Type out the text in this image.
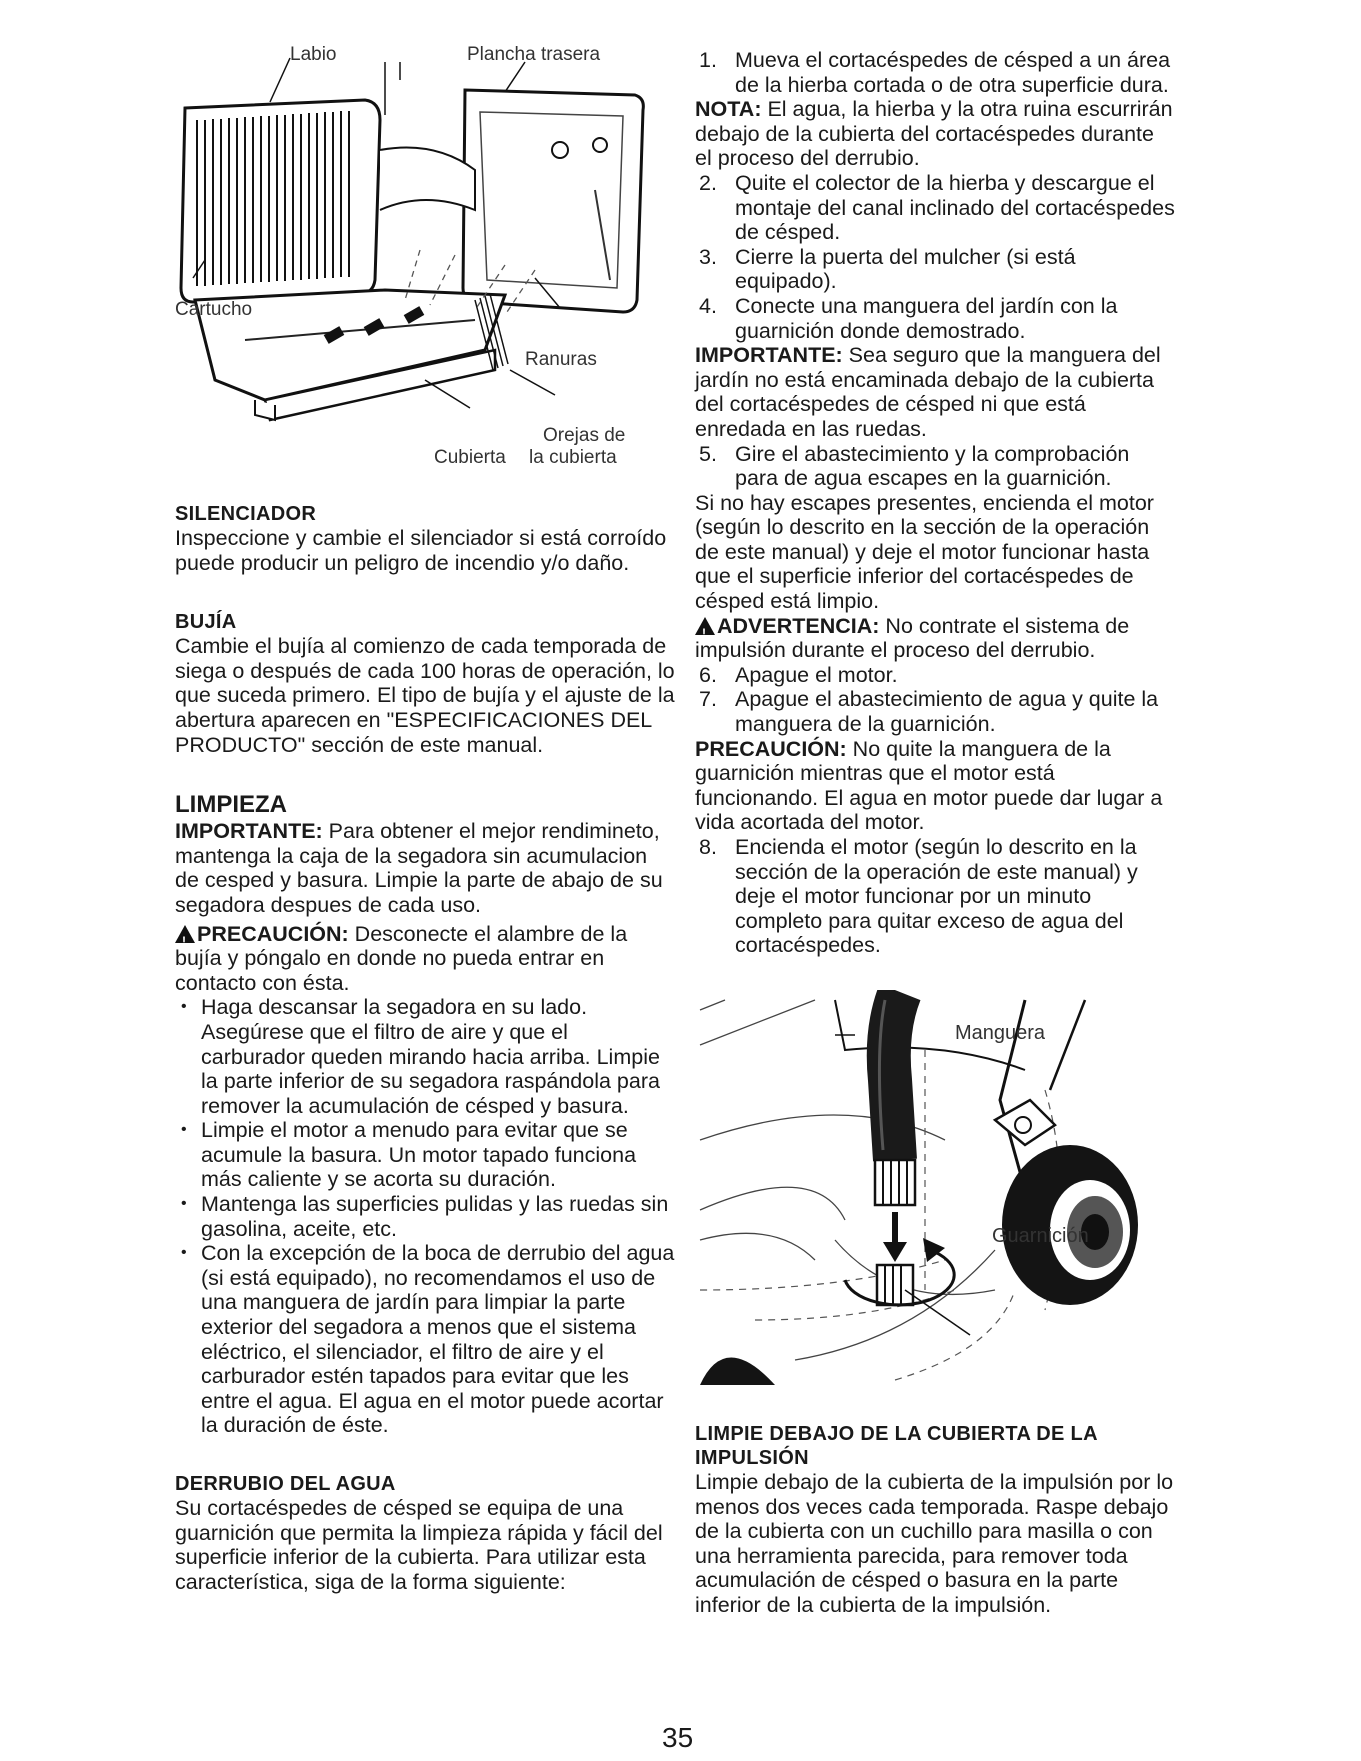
Labio	Plancha trasera
Cartucho
Ranuras
Orejas de
la cubierta
Cubierta
SILENCIADOR

Inspeccione y cambie el silenciador si está corroído puede producir un peligro de incendio y/o daño.

BUJÍA

Cambie el bujía al comienzo de cada temporada de siega o después de cada 100 horas de operación, lo que suceda primero. El tipo de bujía y el ajuste de la abertura aparecen en "ESPECIFICACIONES DEL PRODUCTO" sección de este manual.

LIMPIEZA

IMPORTANTE: Para obtener el mejor rendimineto, mantenga la caja de la segadora sin acumulacion de cesped y basura. Limpie la parte de abajo de su segadora despues de cada uso.

!PRECAUCIÓN: Desconecte el alambre de la bujía y póngalo en donde no pueda entrar en contacto con ésta.

• Haga descansar la segadora en su lado. Asegúrese que el filtro de aire y que el carburador queden mirando hacia arriba. Limpie la parte inferior de su segadora raspándola para remover la acumulación de césped y basura.
• Limpie el motor a menudo para evitar que se acumule la basura. Un motor tapado funciona más caliente y se acorta su duración.
• Mantenga las superficies pulidas y las ruedas sin gasolina, aceite, etc.
• Con la excepción de la boca de derrubio del agua (si está equipado), no recomendamos el uso de una manguera de jardín para limpiar la parte exterior del segadora a menos que el sistema eléctrico, el silenciador, el filtro de aire y el carburador estén tapados para evitar que les entre el agua. El agua en el motor puede acortar la duración de éste.
DERRUBIO DEL AGUA

Su cortacéspedes de césped se equipa de una guarnición que permita la limpieza rápida y fácil del superficie inferior de la cubierta. Para utilizar esta característica, siga de la forma siguiente:

1. Mueva el cortacéspedes de césped a un área de la hierba cortada o de otra superficie dura.

NOTA: El agua, la hierba y la otra ruina escurrirán debajo de la cubierta del cortacéspedes durante el proceso del derrubio.

2. Quite el colector de la hierba y descargue el montaje del canal inclinado del cortacéspedes de césped.
3. Cierre la puerta del mulcher (si está equipado).
4. Conecte una manguera del jardín con la guarnición donde demostrado.

IMPORTANTE: Sea seguro que la manguera del jardín no está encaminada debajo de la cubierta del cortacéspedes de césped ni que está enredada en las ruedas.

5. Gire el abastecimiento y la comprobación para de agua escapes en la guarnición.

Si no hay escapes presentes, encienda el motor (según lo descrito en la sección de la operación de este manual) y deje el motor funcionar hasta que el superficie inferior del cortacéspedes de césped está limpio.

!ADVERTENCIA: No contrate el sistema de impulsión durante el proceso del derrubio.

6. Apague el motor.
7. Apague el abastecimiento de agua y quite la manguera de la guarnición.

PRECAUCIÓN: No quite la manguera de la guarnición mientras que el motor está funcionando. El agua en motor puede dar lugar a vida acortada del motor.

8. Encienda el motor (según lo descrito en la sección de la operación de este manual) y deje el motor funcionar por un minuto completo para quitar exceso de agua del cortacéspedes.
Manguera
Guarnición
LIMPIE DEBAJO DE LA CUBIERTA DE LA IMPULSIÓN

Limpie debajo de la cubierta de la impulsión por lo menos dos veces cada temporada. Raspe debajo de la cubierta con un cuchillo para masilla o con una herramienta parecida, para remover toda acumulación de césped o basura en la parte inferior de la cubierta de la impulsión.

35
